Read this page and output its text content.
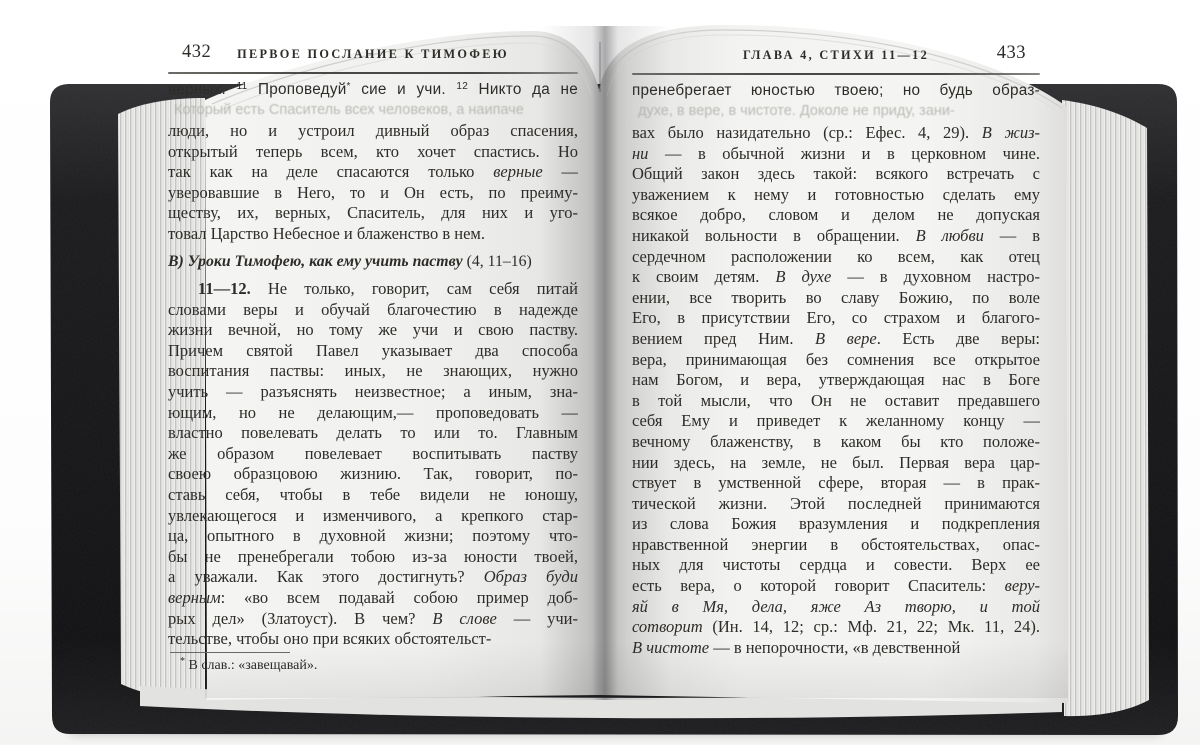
432	ПЕРВОЕ ПОСЛАНИЕ К ТИМОФЕЮ
верных. $^{11}$ Проповедуй* сие и учи. $^{12}$ Никто да не
Который есть Спаситель всех человеков, а наипаче
люди, но и устроил дивный образ спасения,
открытый теперь всем, кто хочет спастись. Но
так как на деле спасаются только верные —
уверовавшие в Него, то и Он есть, по преиму-
ществу, их, верных, Спаситель, для них и уго-
товал Царство Небесное и блаженство в нем.
В) Уроки Тимофею, как ему учить паству (4, 11–16)
11—12. Не только, говорит, сам себя питай
словами веры и обучай благочестию в надежде
жизни вечной, но тому же учи и свою паству.
Причем святой Павел указывает два способа
воспитания паствы: иных, не знающих, нужно
учить — разъяснять неизвестное; а иным, зна-
ющим, но не делающим,— проповедовать —
властно повелевать делать то или то. Главным
же образом повелевает воспитывать паству
своею образцовою жизнию. Так, говорит, по-
ставь себя, чтобы в тебе видели не юношу,
увлекающегося и изменчивого, а крепкого стар-
ца, опытного в духовной жизни; поэтому что-
бы не пренебрегали тобою из-за юности твоей,
а уважали. Как этого достигнуть? Образ буди
верным: «во всем подавай собою пример доб-
рых дел» (Златоуст). В чем? В слове — учи-
тельстве, чтобы оно при всяких обстоятельст-
* В слав.: «завещавай».
433
ГЛАВА 4, СТИХИ 11—12
пренебрегает юностью твоею; но будь образ-
духе, в вере, в чистоте. Доколе не приду, зани-
вах было назидательно (ср.: Ефес. 4, 29). В жиз-
ни — в обычной жизни и в церковном чине.
Общий закон здесь такой: всякого встречать с
уважением к нему и готовностью сделать ему
всякое добро, словом и делом не допуская
никакой вольности в обращении. В любви — в
сердечном расположении ко всем, как отец
к своим детям. В духе — в духовном настро-
ении, все творить во славу Божию, по воле
Его, в присутствии Его, со страхом и благого-
вением пред Ним. В вере. Есть две веры:
вера, принимающая без сомнения все открытое
нам Богом, и вера, утверждающая нас в Боге
в той мысли, что Он не оставит предавшего
себя Ему и приведет к желанному концу —
вечному блаженству, в каком бы кто положе-
нии здесь, на земле, не был. Первая вера цар-
ствует в умственной сфере, вторая — в прак-
тической жизни. Этой последней принимаются
из слова Божия вразумления и подкрепления
нравственной энергии в обстоятельствах, опас-
ных для чистоты сердца и совести. Верх ее
есть вера, о которой говорит Спаситель: веру-
яй в Мя, дела, яже Аз творю, и той
сотворит (Ин. 14, 12; ср.: Мф. 21, 22; Мк. 11, 24).
В чистоте — в непорочности, «в девственной
